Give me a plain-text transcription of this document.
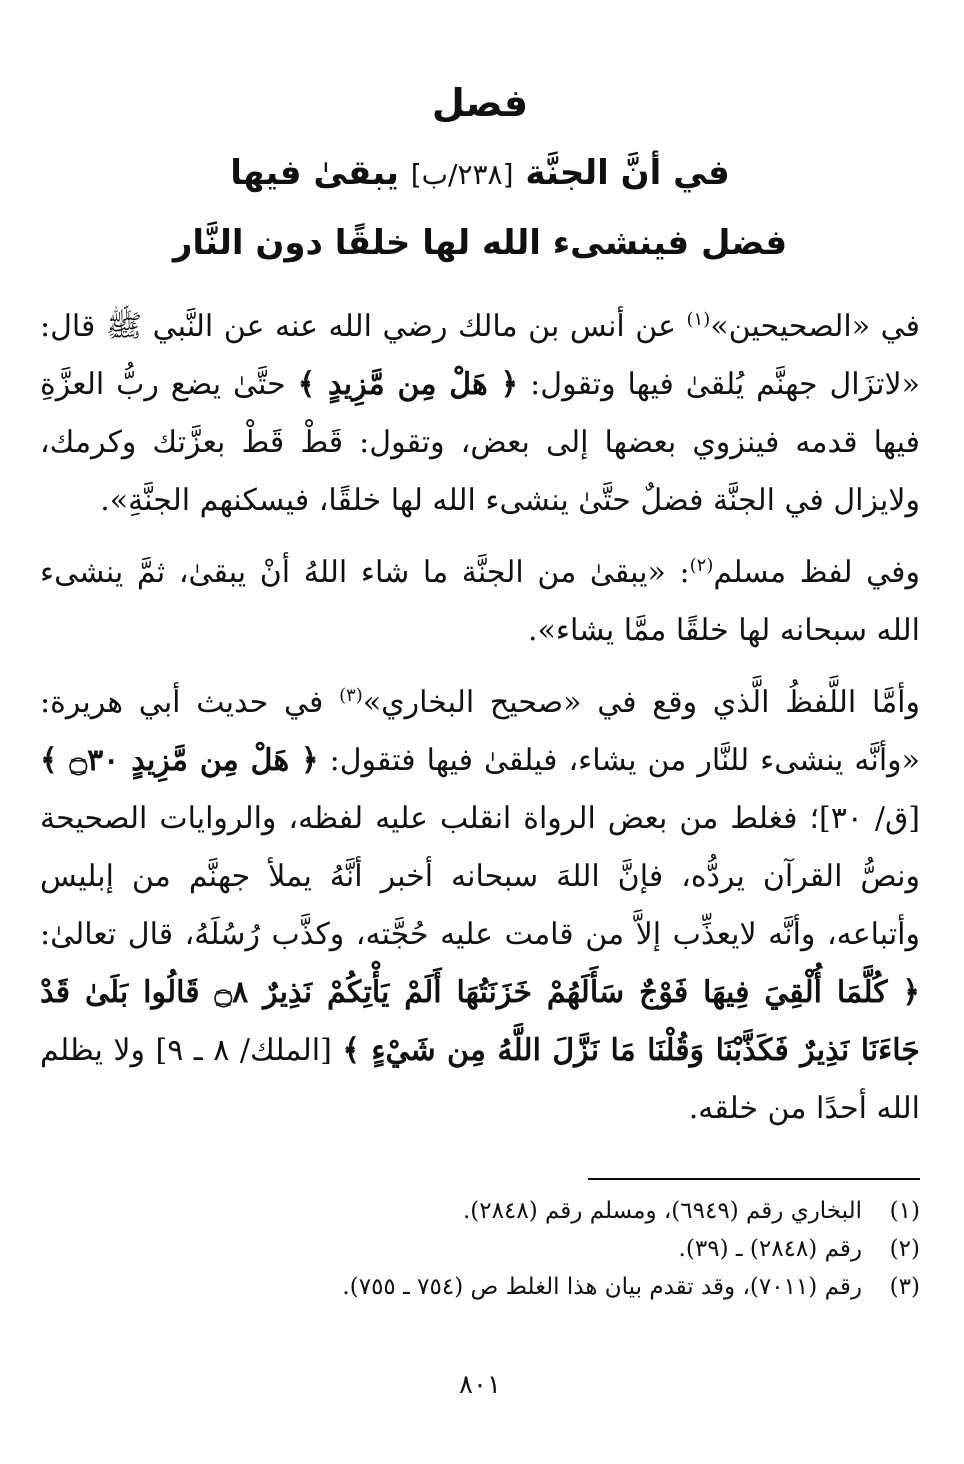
فصل
في أنَّ الجنَّة [٢٣٨/ب] يبقىٰ فيها
فضل فينشىء الله لها خلقًا دون النَّار

في «الصحيحين»$^{(١)}$ عن أنس بن مالك رضي الله عنه عن النَّبي ﷺ قال: «لاتزَال جهنَّم يُلقىٰ فيها وتقول: ﴿ هَلْ مِن مَّزِيدٍ ﴾ حتَّىٰ يضع ربُّ العزَّةِ فيها قدمه فينزوي بعضها إلى بعض، وتقول: قَطْ قَطْ بعزَّتك وكرمك، ولايزال في الجنَّة فضلٌ حتَّىٰ ينشىء الله لها خلقًا، فيسكنهم الجنَّةِ».

وفي لفظ مسلم$^{(٢)}$: «يبقىٰ من الجنَّة ما شاء اللهُ أنْ يبقىٰ، ثمَّ ينشىء الله سبحانه لها خلقًا ممَّا يشاء».

وأمَّا اللَّفظُ الَّذي وقع في «صحيح البخاري»$^{(٣)}$ في حديث أبي هريرة: «وأنَّه ينشىء للنَّار من يشاء، فيلقىٰ فيها فتقول: ﴿ هَلْ مِن مَّزِيدٍ ۝٣٠ ﴾ [ق/ ٣٠]؛ فغلط من بعض الرواة انقلب عليه لفظه، والروايات الصحيحة ونصُّ القرآن يردُّه، فإنَّ اللهَ سبحانه أخبر أنَّهُ يملأ جهنَّم من إبليس وأتباعه، وأنَّه لايعذِّب إلاَّ من قامت عليه حُجَّته، وكذَّب رُسُلَهُ، قال تعالىٰ: ﴿ كُلَّمَا أُلْقِيَ فِيهَا فَوْجٌ سَأَلَهُمْ خَزَنَتُهَا أَلَمْ يَأْتِكُمْ نَذِيرٌ ۝٨ قَالُوا بَلَىٰ قَدْ جَاءَنَا نَذِيرٌ فَكَذَّبْنَا وَقُلْنَا مَا نَزَّلَ اللَّهُ مِن شَيْءٍ ﴾ [الملك/ ٨ ـ ٩] ولا يظلم الله أحدًا من خلقه.

(١)
البخاري رقم (٦٩٤٩)، ومسلم رقم (٢٨٤٨).
(٢)
رقم (٢٨٤٨) ـ (٣٩).
(٣)
رقم (٧٠١١)، وقد تقدم بيان هذا الغلط ص (٧٥٤ ـ ٧٥٥).
٨٠١
